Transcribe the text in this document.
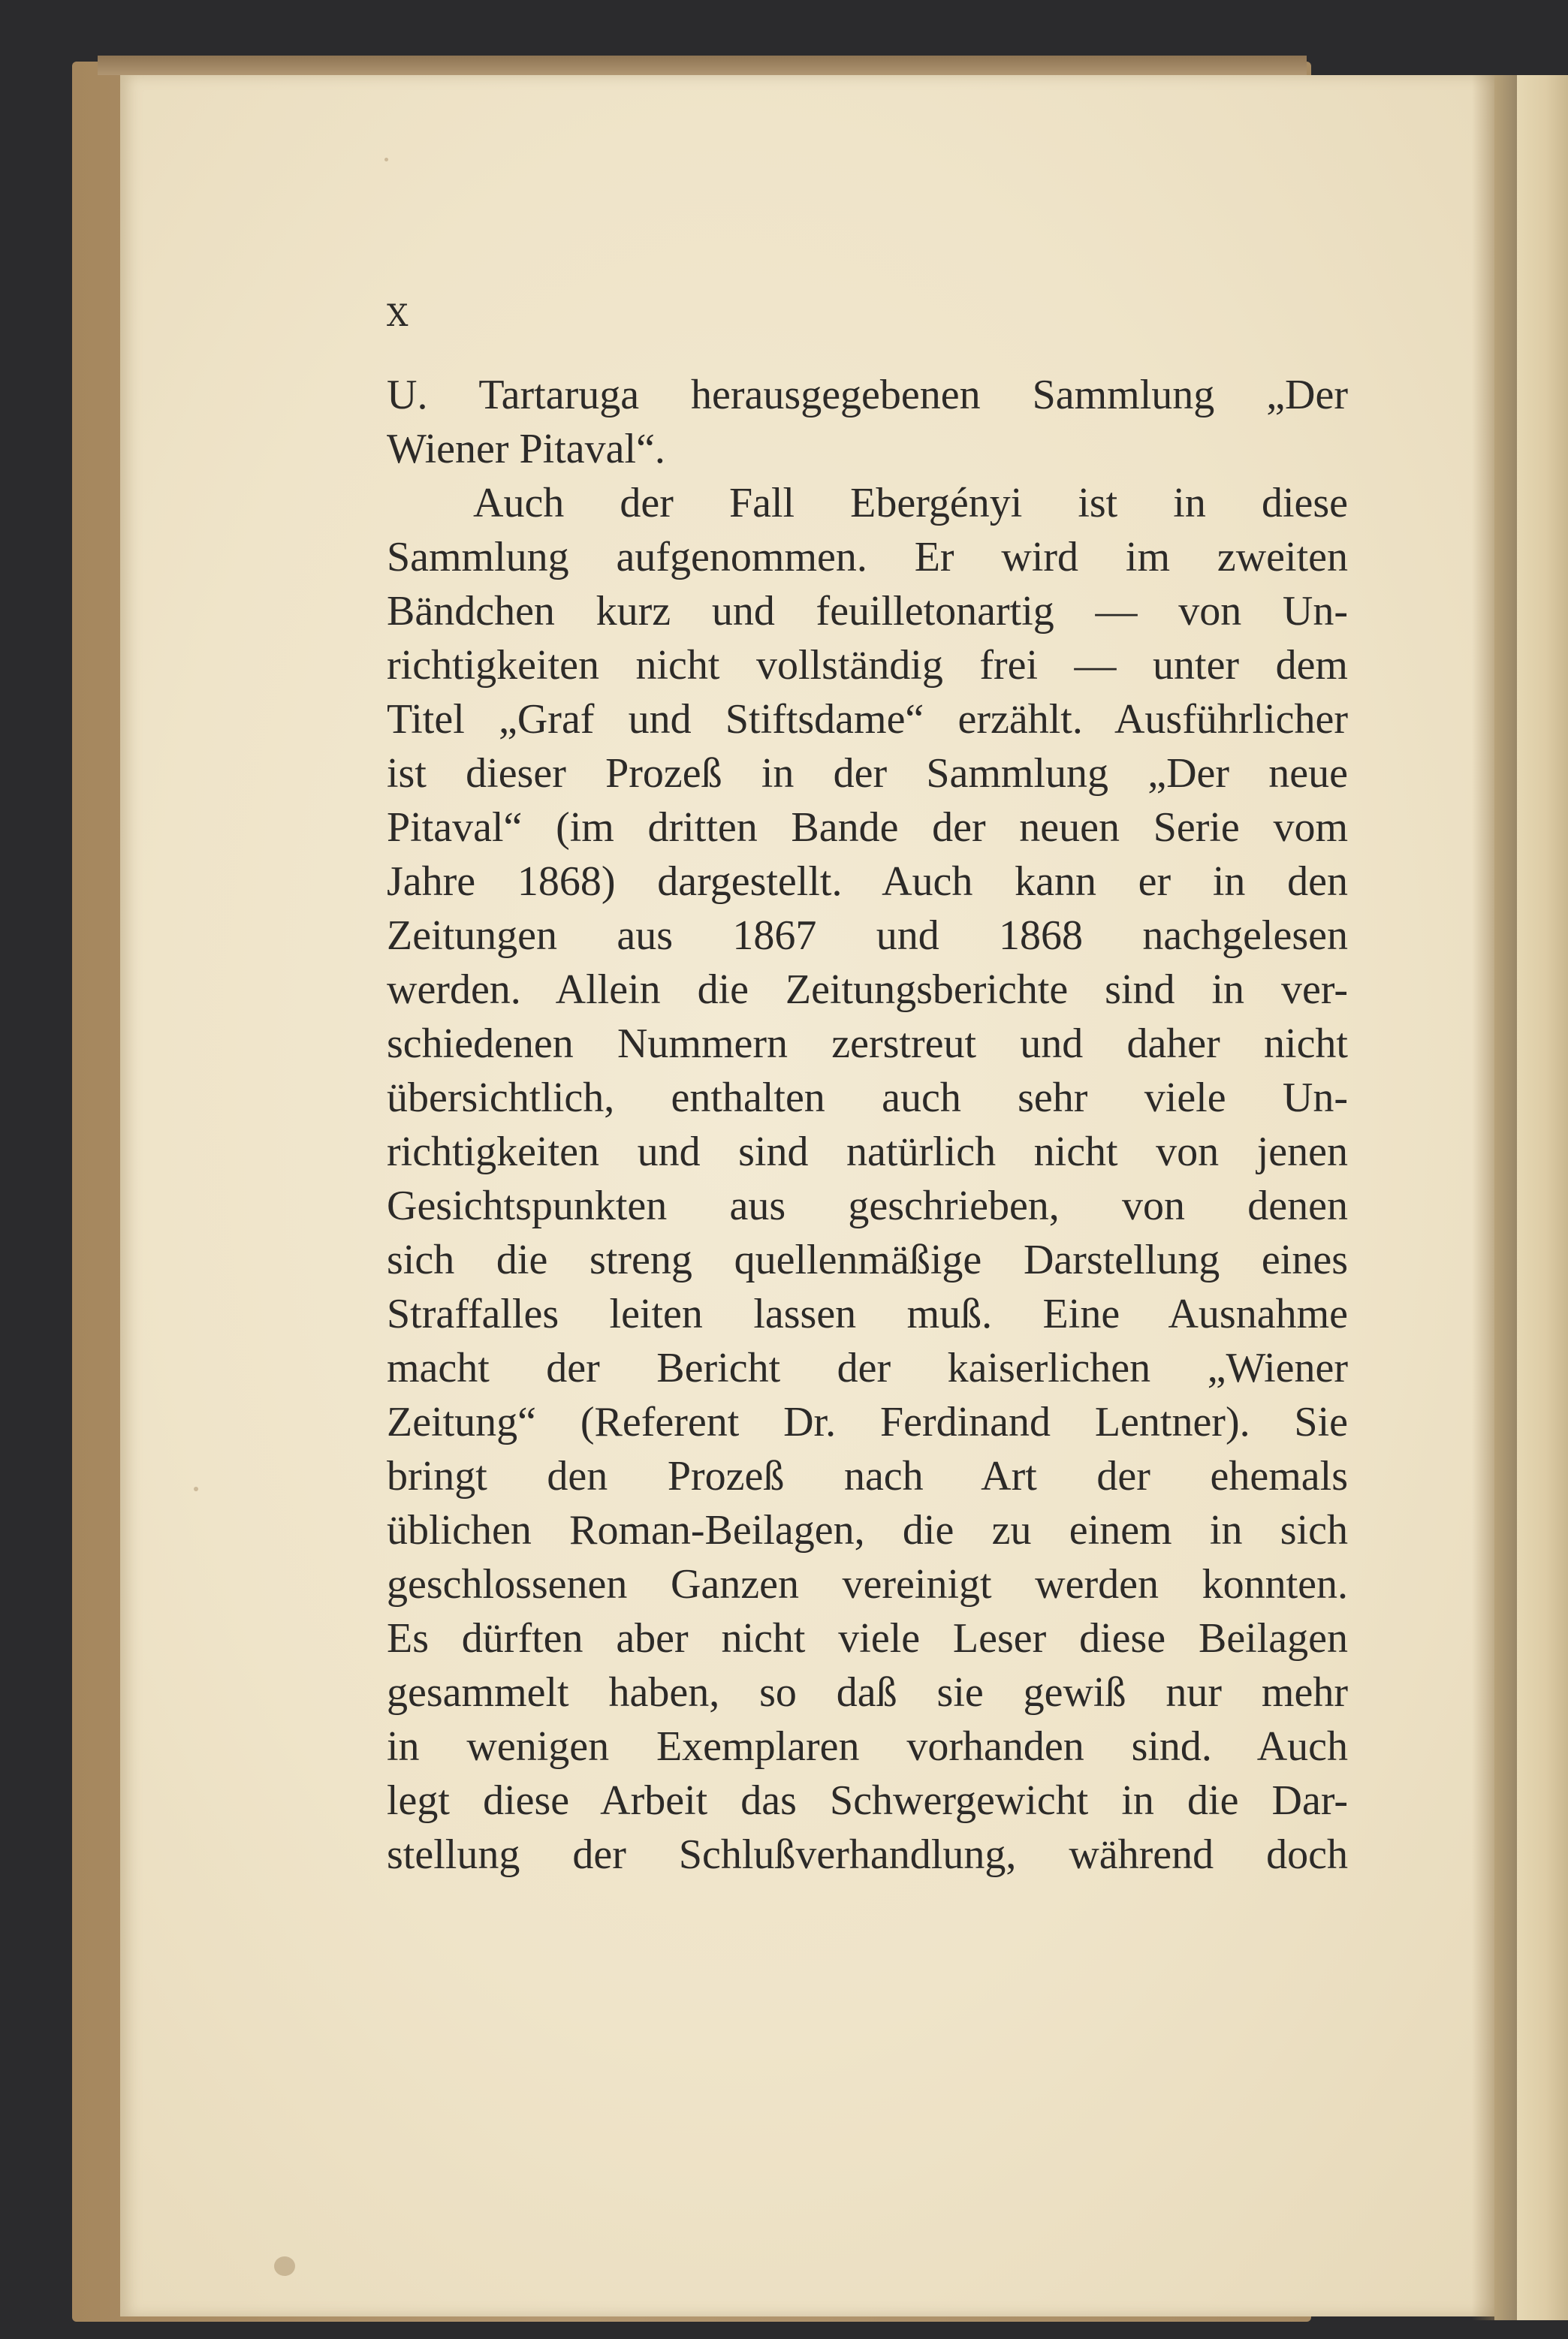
X
U. Tartaruga herausgegebenen Sammlung „Der
Wiener Pitaval“.
Auch der Fall Ebergényi ist in diese
Sammlung aufgenommen. Er wird im zweiten
Bändchen kurz und feuilletonartig — von Un-
richtigkeiten nicht vollständig frei — unter dem
Titel „Graf und Stiftsdame“ erzählt. Ausführlicher
ist dieser Prozeß in der Sammlung „Der neue
Pitaval“ (im dritten Bande der neuen Serie vom
Jahre 1868) dargestellt. Auch kann er in den
Zeitungen aus 1867 und 1868 nachgelesen
werden. Allein die Zeitungsberichte sind in ver-
schiedenen Nummern zerstreut und daher nicht
übersichtlich, enthalten auch sehr viele Un-
richtigkeiten und sind natürlich nicht von jenen
Gesichtspunkten aus geschrieben, von denen
sich die streng quellenmäßige Darstellung eines
Straffalles leiten lassen muß. Eine Ausnahme
macht der Bericht der kaiserlichen „Wiener
Zeitung“ (Referent Dr. Ferdinand Lentner). Sie
bringt den Prozeß nach Art der ehemals
üblichen Roman-Beilagen, die zu einem in sich
geschlossenen Ganzen vereinigt werden konnten.
Es dürften aber nicht viele Leser diese Beilagen
gesammelt haben, so daß sie gewiß nur mehr
in wenigen Exemplaren vorhanden sind. Auch
legt diese Arbeit das Schwergewicht in die Dar-
stellung der Schlußverhandlung, während doch
